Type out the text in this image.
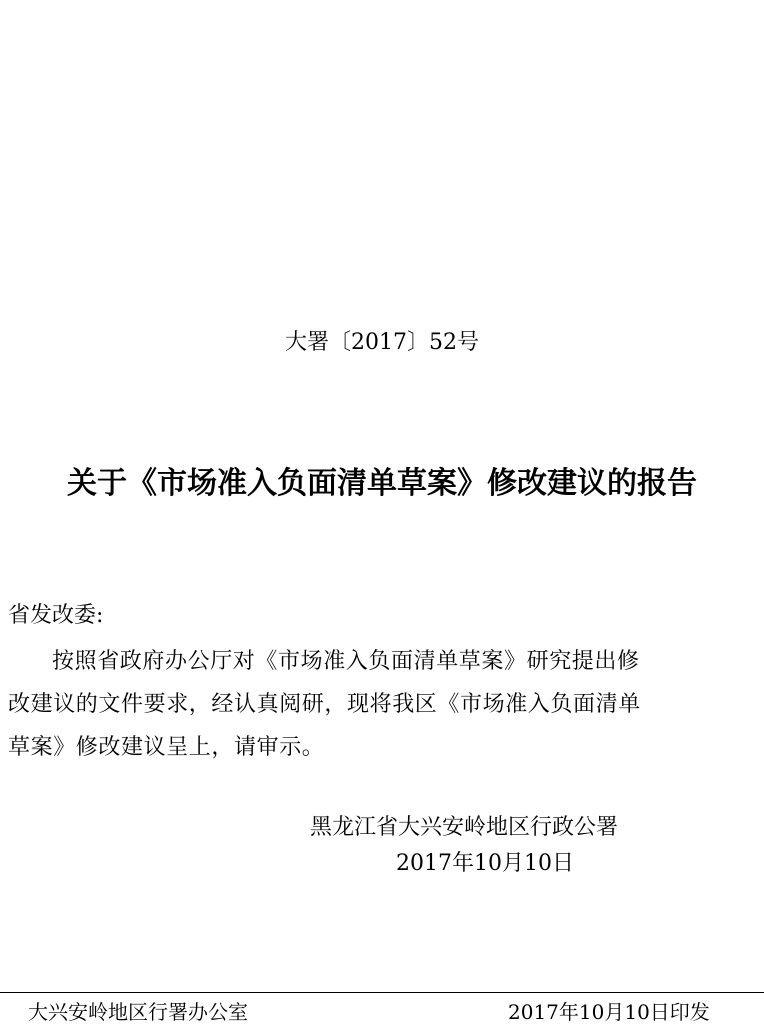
大署〔2017〕52号
关于《市场准入负面清单草案》修改建议的报告
省发改委:
按照省政府办公厅对《市场准入负面清单草案》研究提出修
改建议的文件要求，经认真阅研，现将我区《市场准入负面清单
草案》修改建议呈上，请审示。
黑龙江省大兴安岭地区行政公署
2017年10月10日
大兴安岭地区行署办公室	2017年10月10日印发
